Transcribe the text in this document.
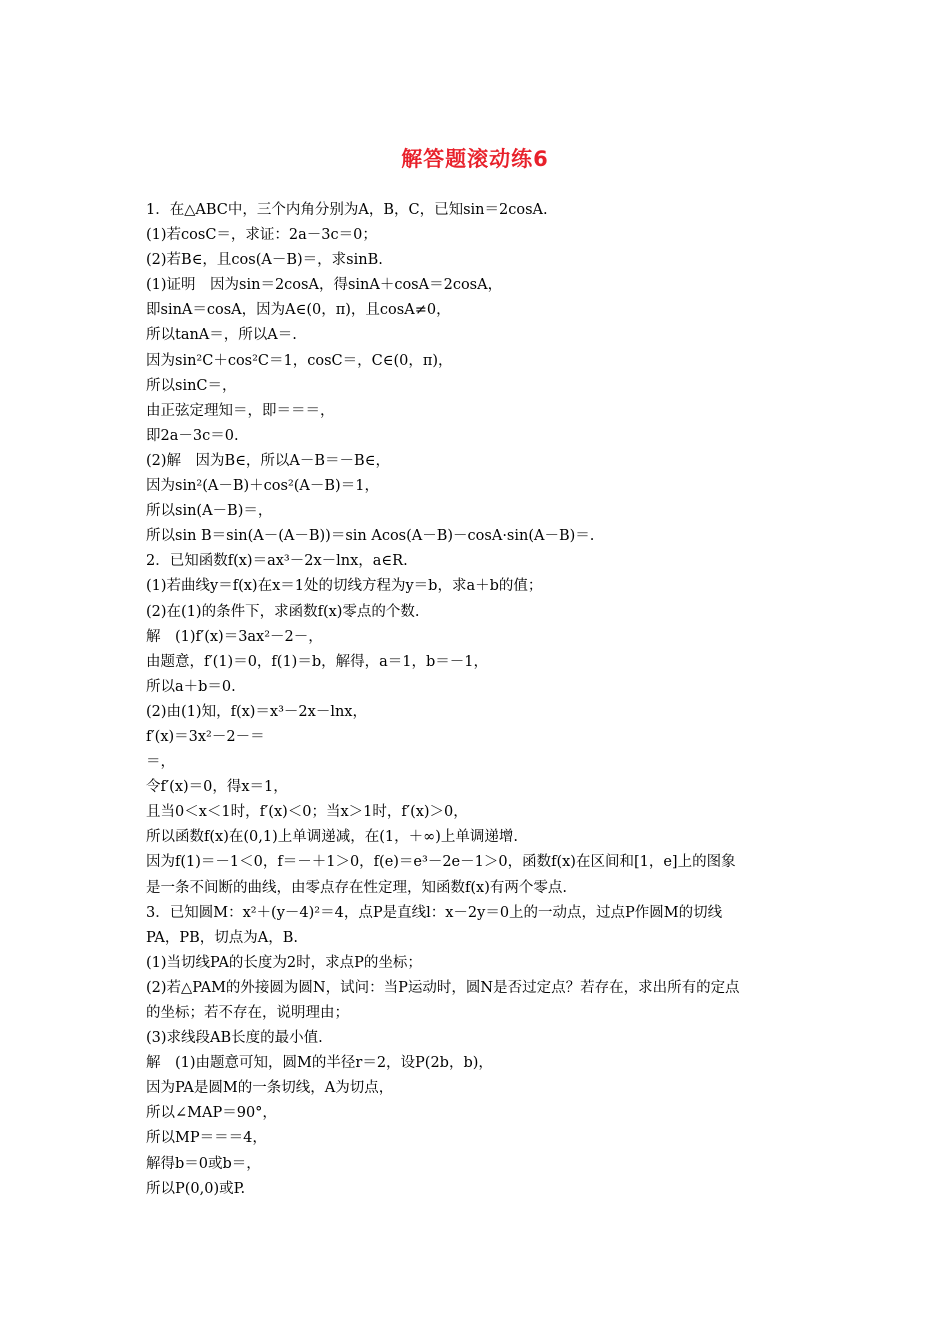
解答题滚动练6
1．在△ABC中，三个内角分别为A，B，C，已知sin＝2cosA.
(1)若cosC＝，求证：2a－3c＝0；
(2)若B∈，且cos(A－B)＝，求sinB.
(1)证明　因为sin＝2cosA，得sinA＋cosA＝2cosA，
即sinA＝cosA，因为A∈(0，π)，且cosA≠0，
所以tanA＝，所以A＝.
因为sin²C＋cos²C＝1，cosC＝，C∈(0，π)，
所以sinC＝，
由正弦定理知＝，即＝＝＝，
即2a－3c＝0.
(2)解　因为B∈，所以A－B＝－B∈，
因为sin²(A－B)＋cos²(A－B)＝1，
所以sin(A－B)＝，
所以sin B＝sin(A－(A－B))＝sin Acos(A－B)－cosA·sin(A－B)＝.
2．已知函数f(x)＝ax³－2x－lnx，a∈R.
(1)若曲线y＝f(x)在x＝1处的切线方程为y＝b，求a＋b的值；
(2)在(1)的条件下，求函数f(x)零点的个数.
解　(1)f′(x)＝3ax²－2－，
由题意，f′(1)＝0，f(1)＝b，解得，a＝1，b＝－1，
所以a＋b＝0.
(2)由(1)知，f(x)＝x³－2x－lnx，
f′(x)＝3x²－2－＝
＝，
令f′(x)＝0，得x＝1，
且当0＜x＜1时，f′(x)＜0；当x＞1时，f′(x)＞0，
所以函数f(x)在(0,1)上单调递减，在(1，＋∞)上单调递增.
因为f(1)＝－1＜0，f＝－＋1＞0，f(e)＝e³－2e－1＞0，函数f(x)在区间和[1，e]上的图象
是一条不间断的曲线，由零点存在性定理，知函数f(x)有两个零点.
3．已知圆M：x²＋(y－4)²＝4，点P是直线l：x－2y＝0上的一动点，过点P作圆M的切线
PA，PB，切点为A，B.
(1)当切线PA的长度为2时，求点P的坐标；
(2)若△PAM的外接圆为圆N，试问：当P运动时，圆N是否过定点？若存在，求出所有的定点
的坐标；若不存在，说明理由；
(3)求线段AB长度的最小值.
解　(1)由题意可知，圆M的半径r＝2，设P(2b，b)，
因为PA是圆M的一条切线，A为切点，
所以∠MAP＝90°，
所以MP＝＝＝4，
解得b＝0或b＝，
所以P(0,0)或P.
